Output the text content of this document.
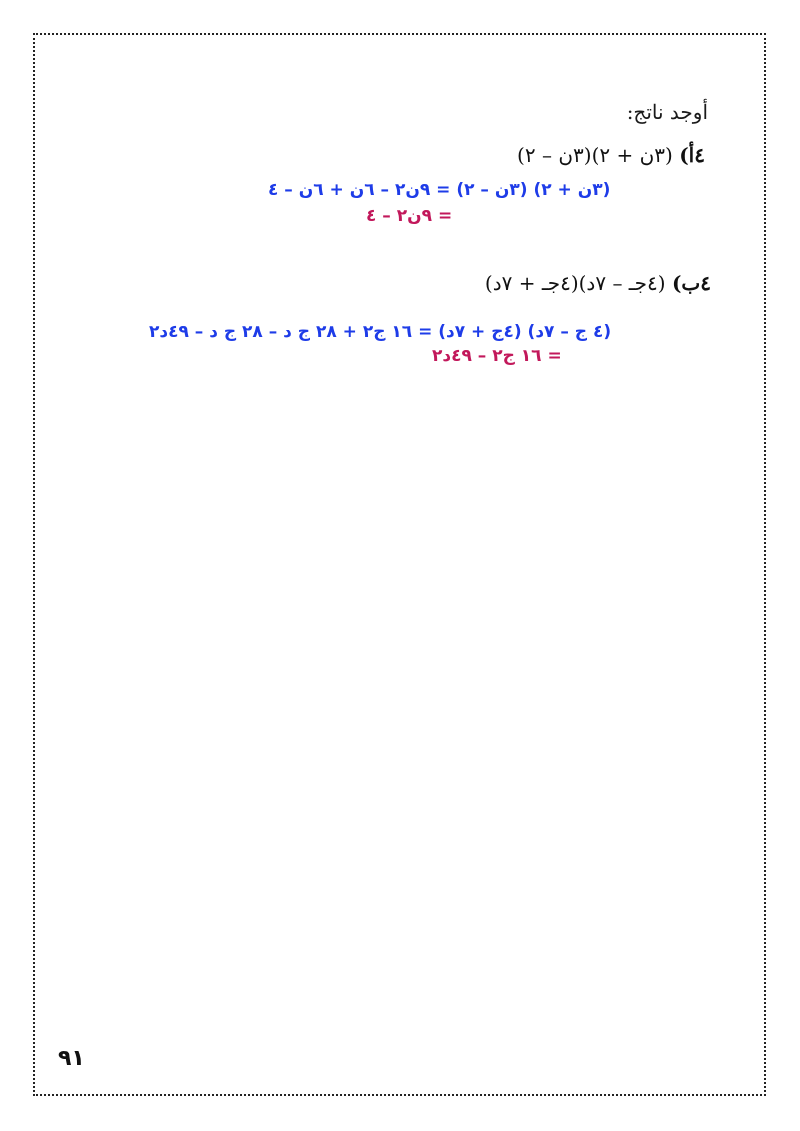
أوجد ناتج:
٤أ) (٣ن + ٢)(٣ن – ٢)
(٣ن + ٢) (٣ن – ٢) = ٩ن٢ – ٦ن + ٦ن – ٤
= ٩ن٢ – ٤
٤ب) (٤جـ – ٧د)(٤جـ + ٧د)
(٤ ج – ٧د) (٤ج + ٧د) = ١٦ ج٢ + ٢٨ ج د – ٢٨ ج د – ٤٩د٢
= ١٦ ج٢ – ٤٩د٢
٩١
